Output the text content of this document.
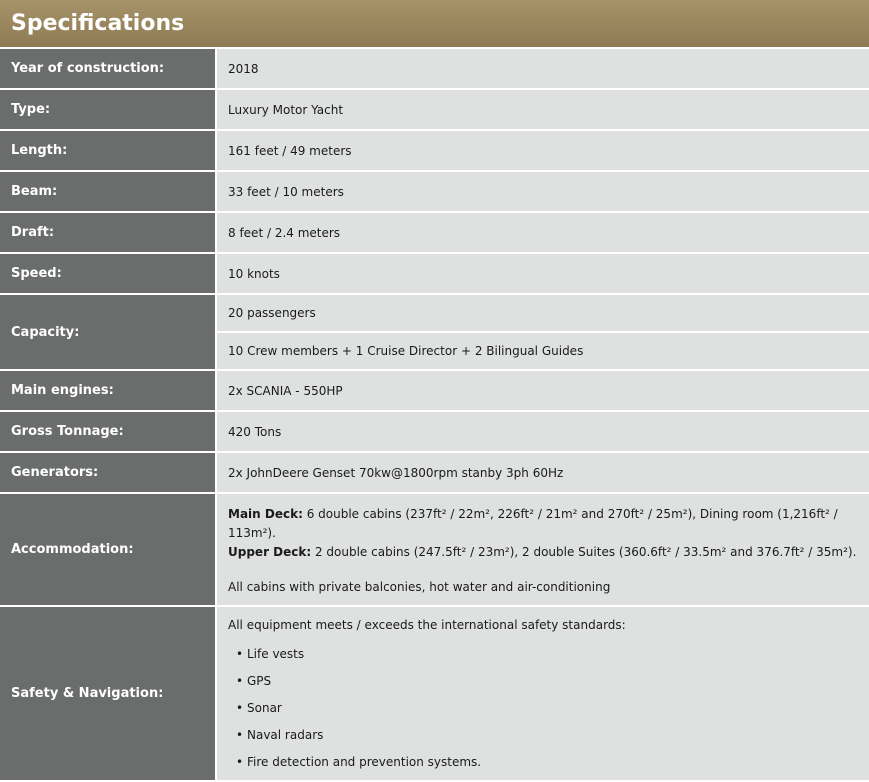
Specifications
Year of construction:	2018
Type:	Luxury Motor Yacht
Length:	161 feet / 49 meters
Beam:	33 feet / 10 meters
Draft:	8 feet / 2.4 meters
Speed:	10 knots
Capacity:
20 passengers
10 Crew members + 1 Cruise Director + 2 Bilingual Guides
Main engines:	2x SCANIA - 550HP
Gross Tonnage:	420 Tons
Generators:	2x JohnDeere Genset 70kw@1800rpm stanby 3ph 60Hz
Accommodation:
Main Deck: 6 double cabins (237ft² / 22m², 226ft² / 21m² and 270ft² / 25m²), Dining room (1,216ft² / 113m²).
Upper Deck: 2 double cabins (247.5ft² / 23m²), 2 double Suites (360.6ft² / 33.5m² and 376.7ft² / 35m²).
All cabins with private balconies, hot water and air-conditioning
Safety & Navigation:
All equipment meets / exceeds the international safety standards:
• Life vests
• GPS
• Sonar
• Naval radars
• Fire detection and prevention systems.
